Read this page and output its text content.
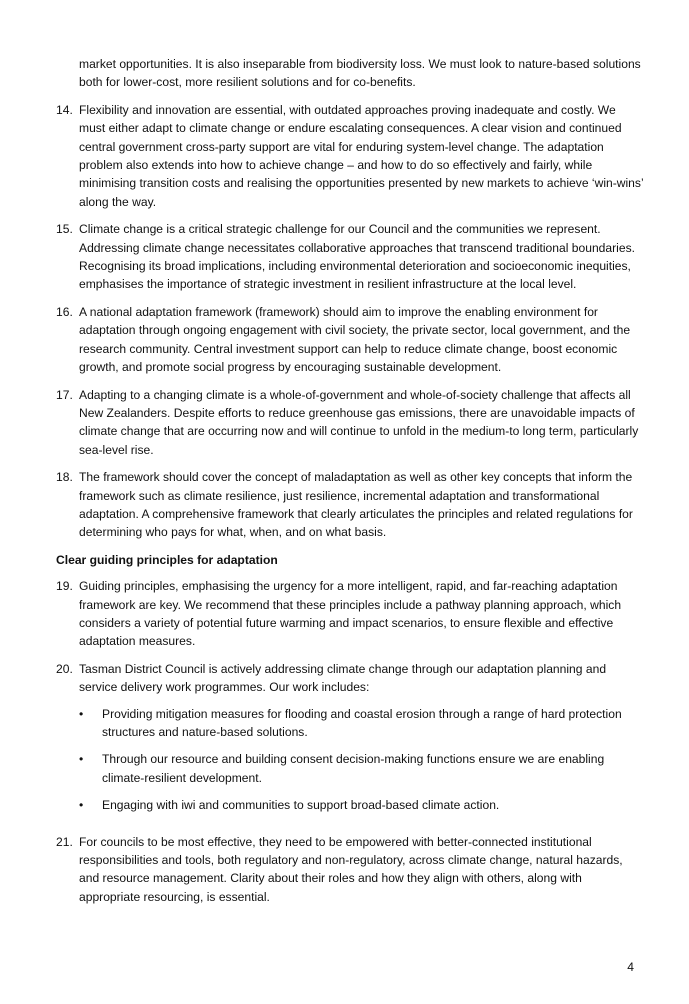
market opportunities. It is also inseparable from biodiversity loss. We must look to nature-based solutions both for lower-cost, more resilient solutions and for co-benefits.
14. Flexibility and innovation are essential, with outdated approaches proving inadequate and costly. We must either adapt to climate change or endure escalating consequences. A clear vision and continued central government cross-party support are vital for enduring system-level change. The adaptation problem also extends into how to achieve change – and how to do so effectively and fairly, while minimising transition costs and realising the opportunities presented by new markets to achieve ‘win-wins’ along the way.
15. Climate change is a critical strategic challenge for our Council and the communities we represent. Addressing climate change necessitates collaborative approaches that transcend traditional boundaries. Recognising its broad implications, including environmental deterioration and socioeconomic inequities, emphasises the importance of strategic investment in resilient infrastructure at the local level.
16. A national adaptation framework (framework) should aim to improve the enabling environment for adaptation through ongoing engagement with civil society, the private sector, local government, and the research community. Central investment support can help to reduce climate change, boost economic growth, and promote social progress by encouraging sustainable development.
17. Adapting to a changing climate is a whole-of-government and whole-of-society challenge that affects all New Zealanders. Despite efforts to reduce greenhouse gas emissions, there are unavoidable impacts of climate change that are occurring now and will continue to unfold in the medium-to long term, particularly sea-level rise.
18. The framework should cover the concept of maladaptation as well as other key concepts that inform the framework such as climate resilience, just resilience, incremental adaptation and transformational adaptation. A comprehensive framework that clearly articulates the principles and related regulations for determining who pays for what, when, and on what basis.
Clear guiding principles for adaptation
19. Guiding principles, emphasising the urgency for a more intelligent, rapid, and far-reaching adaptation framework are key. We recommend that these principles include a pathway planning approach, which considers a variety of potential future warming and impact scenarios, to ensure flexible and effective adaptation measures.
20. Tasman District Council is actively addressing climate change through our adaptation planning and service delivery work programmes. Our work includes:
•	Providing mitigation measures for flooding and coastal erosion through a range of hard protection structures and nature-based solutions.
•	Through our resource and building consent decision-making functions ensure we are enabling climate-resilient development.
•	Engaging with iwi and communities to support broad-based climate action.
21. For councils to be most effective, they need to be empowered with better-connected institutional responsibilities and tools, both regulatory and non-regulatory, across climate change, natural hazards, and resource management. Clarity about their roles and how they align with others, along with appropriate resourcing, is essential.
4
